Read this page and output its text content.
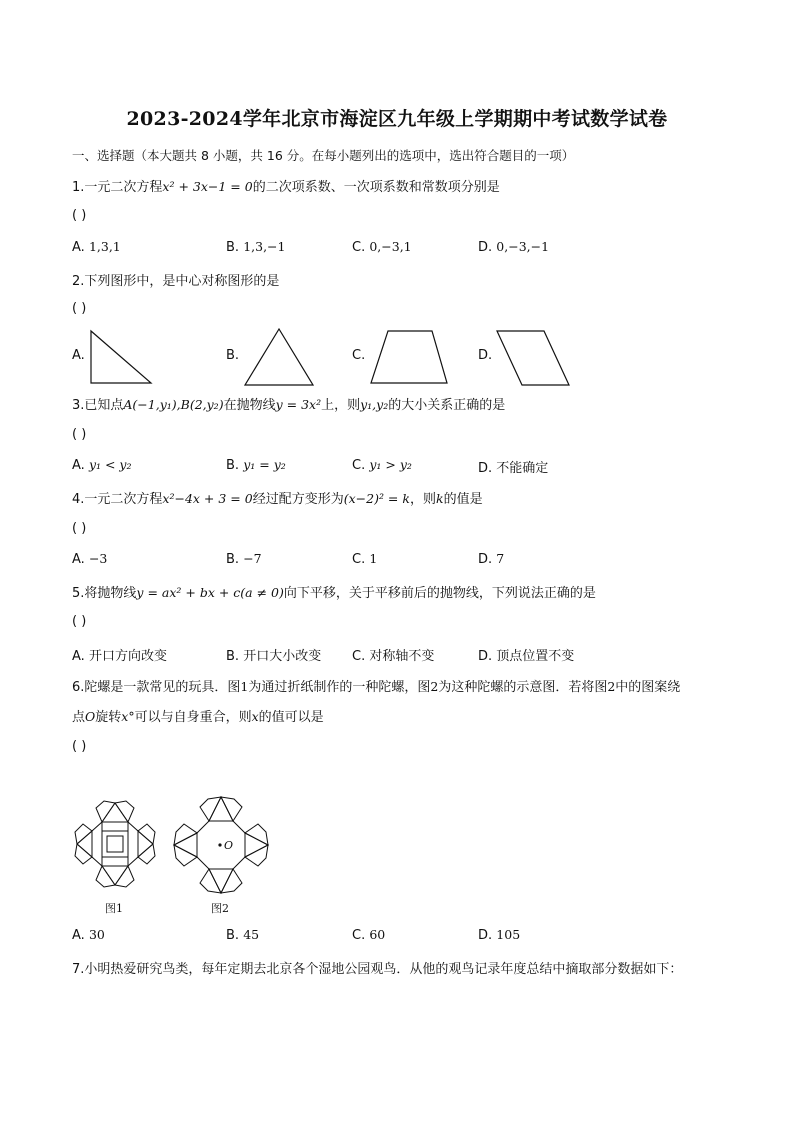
2023-2024学年北京市海淀区九年级上学期期中考试数学试卷
一、选择题（本大题共 8 小题，共 16 分。在每小题列出的选项中，选出符合题目的一项）
1.一元二次方程x² + 3x−1 = 0的二次项系数、一次项系数和常数项分别是
( )
A. 1,3,1	B. 1,3,−1	C. 0,−3,1	D. 0,−3,−1
2.下列图形中，是中心对称图形的是
( )
A.	B.	C.	D.
3.已知点A(−1,y₁),B(2,y₂)在抛物线y = 3x²上，则y₁,y₂的大小关系正确的是
( )
A. y₁ < y₂	B. y₁ = y₂	C. y₁ > y₂	D. 不能确定
4.一元二次方程x²−4x + 3 = 0经过配方变形为(x−2)² = k，则k的值是
( )
A. −3	B. −7	C. 1	D. 7
5.将抛物线y = ax² + bx + c(a ≠ 0)向下平移，关于平移前后的抛物线，下列说法正确的是
( )
A. 开口方向改变	B. 开口大小改变 C. 对称轴不变	D. 顶点位置不变
6.陀螺是一款常见的玩具．图1为通过折纸制作的一种陀螺，图2为这种陀螺的示意图．若将图2中的图案绕
点O旋转x°可以与自身重合，则x的值可以是
( )
图1
O
图2
A. 30	B. 45	C. 60	D. 105
7.小明热爱研究鸟类，每年定期去北京各个湿地公园观鸟．从他的观鸟记录年度总结中摘取部分数据如下：
